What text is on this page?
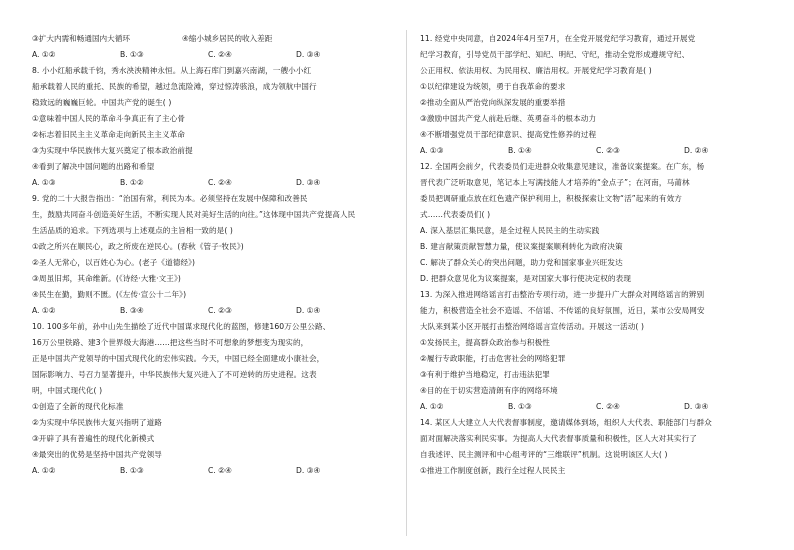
③扩大内需和畅通国内大循环	④缩小城乡居民的收入差距
A. ①②	B. ①③	C. ②④	D. ③④
8. 小小红船承载千钧，秀水泱泱精神永恒。从上海石库门到嘉兴南湖，一艘小小红
船承载着人民的重托、民族的希望，越过急流险滩，穿过惊涛骇浪，成为领航中国行
稳致远的巍巍巨轮。中国共产党的诞生( )
①意味着中国人民的革命斗争真正有了主心骨
②标志着旧民主主义革命走向新民主主义革命
③为实现中华民族伟大复兴奠定了根本政治前提
④看到了解决中国问题的出路和希望
A. ①③	B. ①②	C. ②④	D. ③④
9. 党的二十大报告指出：“治国有常，利民为本。必须坚持在发展中保障和改善民
生，鼓励共同奋斗创造美好生活，不断实现人民对美好生活的向往。”这体现中国共产党提高人民
生活品质的追求。下列选项与上述观点的主旨相一致的是( )
①政之所兴在顺民心，政之所废在逆民心。(春秋《管子·牧民》)
②圣人无常心，以百姓心为心。(老子《道德经》)
③周虽旧邦，其命维新。(《诗经·大雅·文王》)
④民生在勤，勤则不匮。(《左传·宣公十二年》)
A. ①②	B. ③④	C. ②③	D. ①④
10. 100多年前，孙中山先生描绘了近代中国谋求现代化的蓝图，修建160万公里公路、
16万公里铁路、建3个世界级大海港……把这些当时不可想象的梦想变为现实的，
正是中国共产党领导的中国式现代化的宏伟实践。今天，中国已经全面建成小康社会，
国际影响力、号召力显著提升，中华民族伟大复兴进入了不可逆转的历史进程。这表
明，中国式现代化( )
①创造了全新的现代化标准
②为实现中华民族伟大复兴指明了道路
③开辟了具有普遍性的现代化新模式
④最突出的优势是坚持中国共产党领导
A. ①②	B. ①③	C. ②④	D. ③④
11. 经党中央同意，自2024年4月至7月，在全党开展党纪学习教育，通过开展党
纪学习教育，引导党员干部学纪、知纪、明纪、守纪，推动全党形成遵规守纪、
公正用权、依法用权、为民用权、廉洁用权。开展党纪学习教育是( )
①以纪律建设为统领，勇于自我革命的要求
②推动全面从严治党向纵深发展的重要举措
③激励中国共产党人前赴后继、英勇奋斗的根本动力
④不断增强党员干部纪律意识、提高党性修养的过程
A. ①③	B. ①④	C. ②③	D. ②④
12. 全国两会前夕，代表委员们走进群众收集意见建议，准备议案提案。在广东，杨
晋代表广泛听取意见，笔记本上写满技能人才培养的“金点子”；在河南，马莆林
委员把调研重点放在红色遗产保护利用上，积极探索让文物“活”起来的有效方
式……代表委员们( )
A. 深入基层汇集民意，是全过程人民民主的生动实践
B. 建言献策贡献智慧力量，使议案提案顺利转化为政府决策
C. 解决了群众关心的突出问题，助力党和国家事业兴旺发达
D. 把群众意见化为议案提案，是对国家大事行使决定权的表现
13. 为深入推进网络谣言打击整治专项行动，进一步提升广大群众对网络谣言的辨别
能力，积极营造全社会不造谣、不信谣、不传谣的良好氛围，近日，某市公安局网安
大队来到某小区开展打击整治网络谣言宣传活动。开展这一活动( )
①发扬民主，提高群众政治参与积极性
②履行专政职能，打击危害社会的网络犯罪
③有利于维护当地稳定，打击违法犯罪
④目的在于切实营造清朗有序的网络环境
A. ①②	B. ①③	C. ②④	D. ③④
14. 某区人大建立人大代表督事制度，邀请媒体到场，组织人大代表、职能部门与群众
面对面解决落实利民实事。为提高人大代表督事质量和积极性，区人大对其实行了
自我述评、民主测评和中心组考评的“三维联评”机制。这说明该区人大( )
①推进工作制度创新，践行全过程人民民主
